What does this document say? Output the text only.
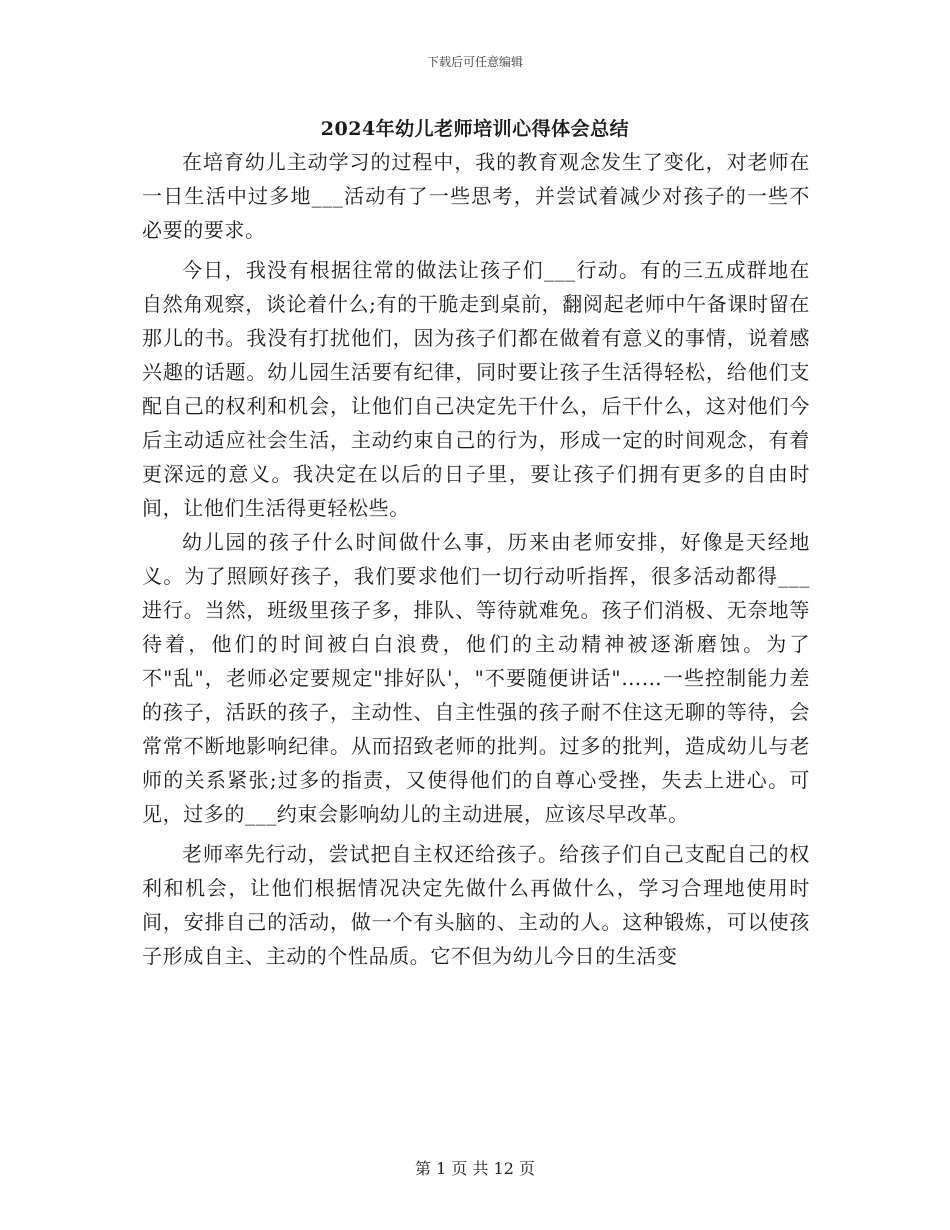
下载后可任意编辑
2024年幼儿老师培训心得体会总结

在培育幼儿主动学习的过程中，我的教育观念发生了变化，对老师在一日生活中过多地___活动有了一些思考，并尝试着减少对孩子的一些不必要的要求。

今日，我没有根据往常的做法让孩子们___行动。有的三五成群地在自然角观察，谈论着什么;有的干脆走到桌前，翻阅起老师中午备课时留在那儿的书。我没有打扰他们，因为孩子们都在做着有意义的事情，说着感兴趣的话题。幼儿园生活要有纪律，同时要让孩子生活得轻松，给他们支配自己的权利和机会，让他们自己决定先干什么，后干什么，这对他们今后主动适应社会生活，主动约束自己的行为，形成一定的时间观念，有着更深远的意义。我决定在以后的日子里，要让孩子们拥有更多的自由时间，让他们生活得更轻松些。

幼儿园的孩子什么时间做什么事，历来由老师安排，好像是天经地义。为了照顾好孩子，我们要求他们一切行动听指挥，很多活动都得___进行。当然，班级里孩子多，排队、等待就难免。孩子们消极、无奈地等待着，他们的时间被白白浪费，他们的主动精神被逐渐磨蚀。为了不"乱"，老师必定要规定"排好队'，"不要随便讲话"……一些控制能力差的孩子，活跃的孩子，主动性、自主性强的孩子耐不住这无聊的等待，会常常不断地影响纪律。从而招致老师的批判。过多的批判，造成幼儿与老师的关系紧张;过多的指责，又使得他们的自尊心受挫，失去上进心。可见，过多的___约束会影响幼儿的主动进展，应该尽早改革。

老师率先行动，尝试把自主权还给孩子。给孩子们自己支配自己的权利和机会，让他们根据情况决定先做什么再做什么，学习合理地使用时间，安排自己的活动，做一个有头脑的、主动的人。这种锻炼，可以使孩子形成自主、主动的个性品质。它不但为幼儿今日的生活变

第 1 页 共 12 页
